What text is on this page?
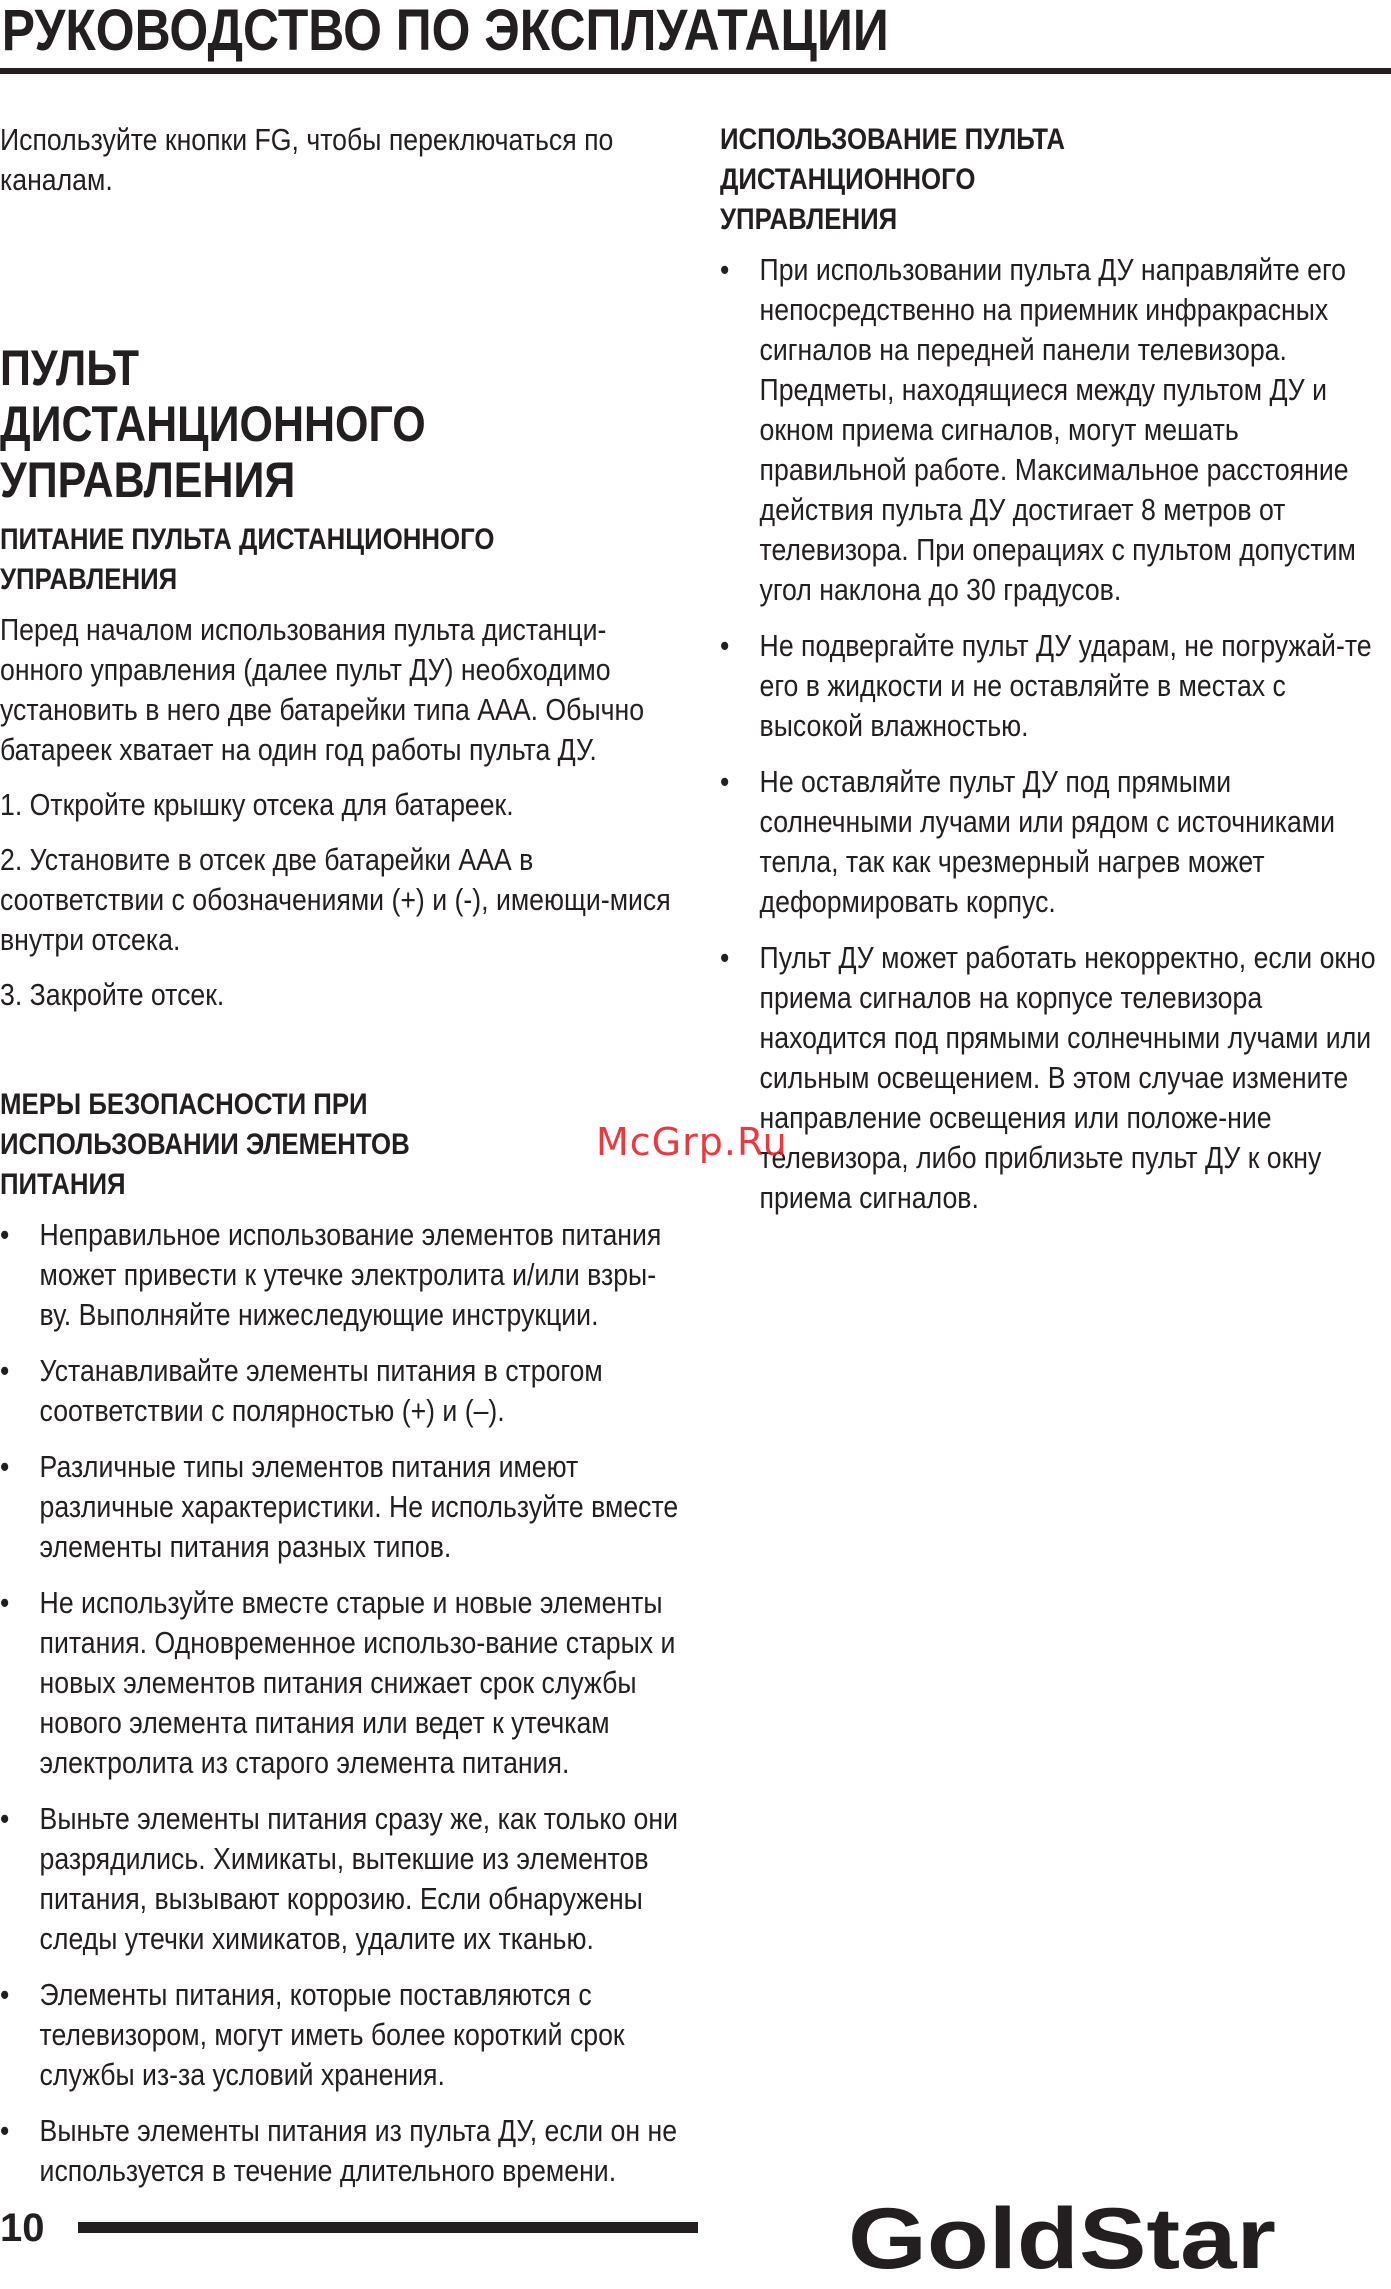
РУКОВОДСТВО ПО ЭКСПЛУАТАЦИИ

Используйте кнопки FG, чтобы переключаться по каналам.

ПУЛЬТ ДИСТАНЦИОННОГО УПРАВЛЕНИЯ
ПИТАНИЕ ПУЛЬТА ДИСТАНЦИОННОГО УПРАВЛЕНИЯ

Перед началом использования пульта дистанци-онного управления (далее пульт ДУ) необходимо установить в него две батарейки типа ААА. Обычно батареек хватает на один год работы пульта ДУ.

1. Откройте крышку отсека для батареек.

2. Установите в отсек две батарейки ААА в соответствии с обозначениями (+) и (-), имеющи-мися внутри отсека.

3. Закройте отсек.

МЕРЫ БЕЗОПАСНОСТИ ПРИ ИСПОЛЬЗОВАНИИ ЭЛЕМЕНТОВ ПИТАНИЯ
• Неправильное использование элементов питания может привести к утечке электролита и/или взры-ву. Выполняйте нижеследующие инструкции.
• Устанавливайте элементы питания в строгом соответствии с полярностью (+) и (–).
• Различные типы элементов питания имеют различные характеристики. Не используйте вместе элементы питания разных типов.
• Не используйте вместе старые и новые элементы питания. Одновременное использо-вание старых и новых элементов питания снижает срок службы нового элемента питания или ведет к утечкам электролита из старого элемента питания.
• Выньте элементы питания сразу же, как только они разрядились. Химикаты, вытекшие из элементов питания, вызывают коррозию. Если обнаружены следы утечки химикатов, удалите их тканью.
• Элементы питания, которые поставляются с телевизором, могут иметь более короткий срок службы из-за условий хранения.
• Выньте элементы питания из пульта ДУ, если он не используется в течение длительного времени.
ИСПОЛЬЗОВАНИЕ ПУЛЬТА ДИСТАНЦИОННОГО УПРАВЛЕНИЯ
• При использовании пульта ДУ направляйте его непосредственно на приемник инфракрасных сигналов на передней панели телевизора. Предметы, находящиеся между пультом ДУ и окном приема сигналов, могут мешать правильной работе. Максимальное расстояние действия пульта ДУ достигает 8 метров от телевизора. При операциях с пультом допустим угол наклона до 30 градусов.
• Не подвергайте пульт ДУ ударам, не погружай-те его в жидкости и не оставляйте в местах с высокой влажностью.
• Не оставляйте пульт ДУ под прямыми солнечными лучами или рядом с источниками тепла, так как чрезмерный нагрев может деформировать корпус.
• Пульт ДУ может работать некорректно, если окно приема сигналов на корпусе телевизора находится под прямыми солнечными лучами или сильным освещением. В этом случае измените направление освещения или положе-ние телевизора, либо приблизьте пульт ДУ к окну приема сигналов.
McGrp.Ru
10	GoldStar
